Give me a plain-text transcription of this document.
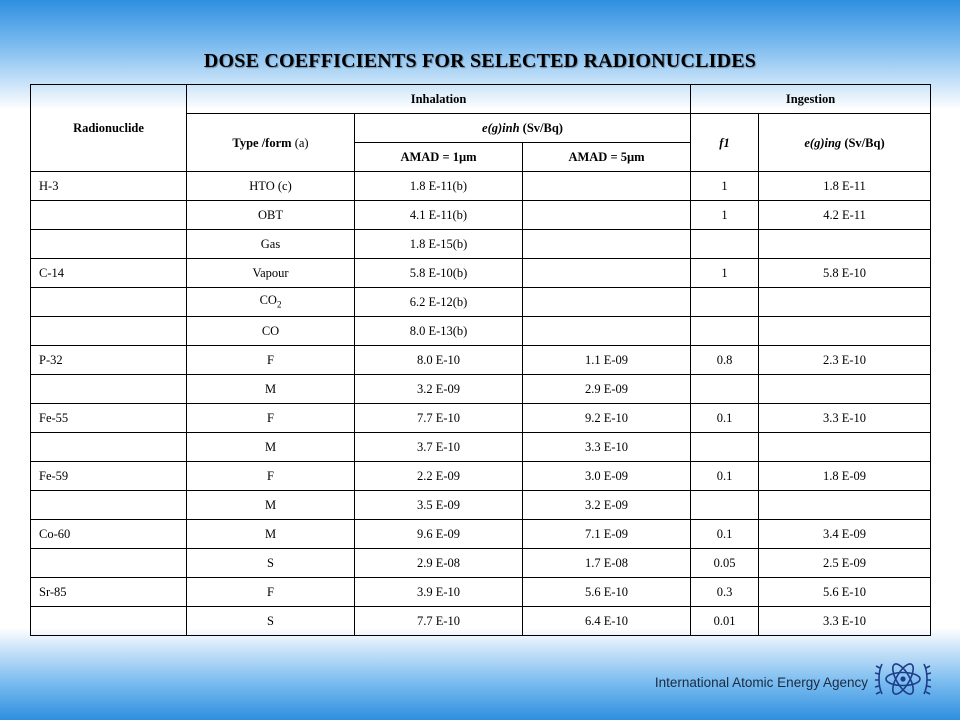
DOSE COEFFICIENTS FOR SELECTED RADIONUCLIDES
Radionuclide	Inhalation			Ingestion	
	Type /form (a)	e(g)inh (Sv/Bq)		f1	e(g)ing (Sv/Bq)
		AMAD = 1µm	AMAD = 5µm		
H-3	HTO (c)	1.8 E-11(b)		1	1.8 E-11
	OBT	4.1 E-11(b)		1	4.2 E-11
	Gas	1.8 E-15(b)			
C-14	Vapour	5.8 E-10(b)		1	5.8 E-10
	$CO_2$	6.2 E-12(b)			
	CO	8.0 E-13(b)			
P-32	F	8.0 E-10	1.1 E-09	0.8	2.3 E-10
	M	3.2 E-09	2.9 E-09		
Fe-55	F	7.7 E-10	9.2 E-10	0.1	3.3 E-10
	M	3.7 E-10	3.3 E-10		
Fe-59	F	2.2 E-09	3.0 E-09	0.1	1.8 E-09
	M	3.5 E-09	3.2 E-09		
Co-60	M	9.6 E-09	7.1 E-09	0.1	3.4 E-09
	S	2.9 E-08	1.7 E-08	0.05	2.5 E-09
Sr-85	F	3.9 E-10	5.6 E-10	0.3	5.6 E-10
	S	7.7 E-10	6.4 E-10	0.01	3.3 E-10
International Atomic Energy Agency
